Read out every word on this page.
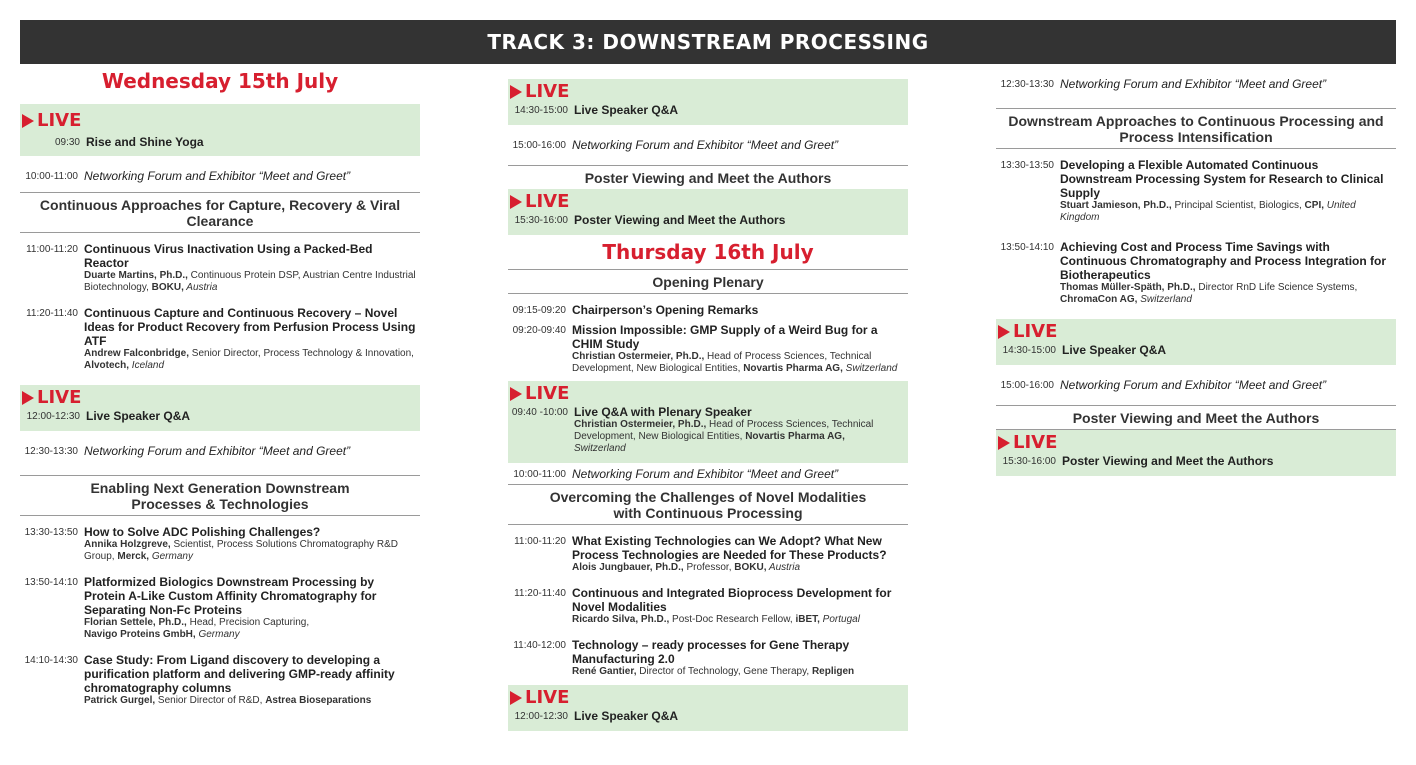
TRACK 3: DOWNSTREAM PROCESSING
Wednesday 15th July
LIVE
09:30 Rise and Shine Yoga
10:00-11:00 Networking Forum and Exhibitor “Meet and Greet”
Continuous Approaches for Capture, Recovery & Viral Clearance
11:00-11:20 Continuous Virus Inactivation Using a Packed-Bed Reactor
Duarte Martins, Ph.D., Continuous Protein DSP, Austrian Centre Industrial Biotechnology, BOKU, Austria
11:20-11:40 Continuous Capture and Continuous Recovery – Novel Ideas for Product Recovery from Perfusion Process Using ATF
Andrew Falconbridge, Senior Director, Process Technology & Innovation, Alvotech, Iceland
LIVE
12:00-12:30 Live Speaker Q&A
12:30-13:30 Networking Forum and Exhibitor “Meet and Greet”
Enabling Next Generation Downstream Processes & Technologies
13:30-13:50 How to Solve ADC Polishing Challenges?
Annika Holzgreve, Scientist, Process Solutions Chromatography R&D Group, Merck, Germany
13:50-14:10 Platformized Biologics Downstream Processing by Protein A-Like Custom Affinity Chromatography for Separating Non-Fc Proteins
Florian Settele, Ph.D., Head, Precision Capturing,
Navigo Proteins GmbH, Germany
14:10-14:30 Case Study: From Ligand discovery to developing a purification platform and delivering GMP-ready affinity chromatography columns
Patrick Gurgel, Senior Director of R&D, Astrea Bioseparations
LIVE
14:30-15:00 Live Speaker Q&A
15:00-16:00 Networking Forum and Exhibitor “Meet and Greet”
Poster Viewing and Meet the Authors
LIVE
15:30-16:00 Poster Viewing and Meet the Authors
Thursday 16th July
Opening Plenary
09:15-09:20 Chairperson’s Opening Remarks
09:20-09:40 Mission Impossible: GMP Supply of a Weird Bug for a CHIM Study
Christian Ostermeier, Ph.D., Head of Process Sciences, Technical Development, New Biological Entities, Novartis Pharma AG, Switzerland
LIVE
09:40 -10:00 Live Q&A with Plenary Speaker
Christian Ostermeier, Ph.D., Head of Process Sciences, Technical Development, New Biological Entities, Novartis Pharma AG, Switzerland
10:00-11:00 Networking Forum and Exhibitor “Meet and Greet”
Overcoming the Challenges of Novel Modalities with Continuous Processing
11:00-11:20 What Existing Technologies can We Adopt? What New Process Technologies are Needed for These Products?
Alois Jungbauer, Ph.D., Professor, BOKU, Austria
11:20-11:40 Continuous and Integrated Bioprocess Development for Novel Modalities
Ricardo Silva, Ph.D., Post-Doc Research Fellow, iBET, Portugal
11:40-12:00 Technology – ready processes for Gene Therapy Manufacturing 2.0
René Gantier, Director of Technology, Gene Therapy, Repligen
LIVE
12:00-12:30 Live Speaker Q&A
12:30-13:30 Networking Forum and Exhibitor “Meet and Greet”
Downstream Approaches to Continuous Processing and Process Intensification
13:30-13:50 Developing a Flexible Automated Continuous Downstream Processing System for Research to Clinical Supply
Stuart Jamieson, Ph.D., Principal Scientist, Biologics, CPI, United Kingdom
13:50-14:10 Achieving Cost and Process Time Savings with Continuous Chromatography and Process Integration for Biotherapeutics
Thomas Müller-Späth, Ph.D., Director RnD Life Science Systems, ChromaCon AG, Switzerland
LIVE
14:30-15:00 Live Speaker Q&A
15:00-16:00 Networking Forum and Exhibitor “Meet and Greet”
Poster Viewing and Meet the Authors
LIVE
15:30-16:00 Poster Viewing and Meet the Authors
